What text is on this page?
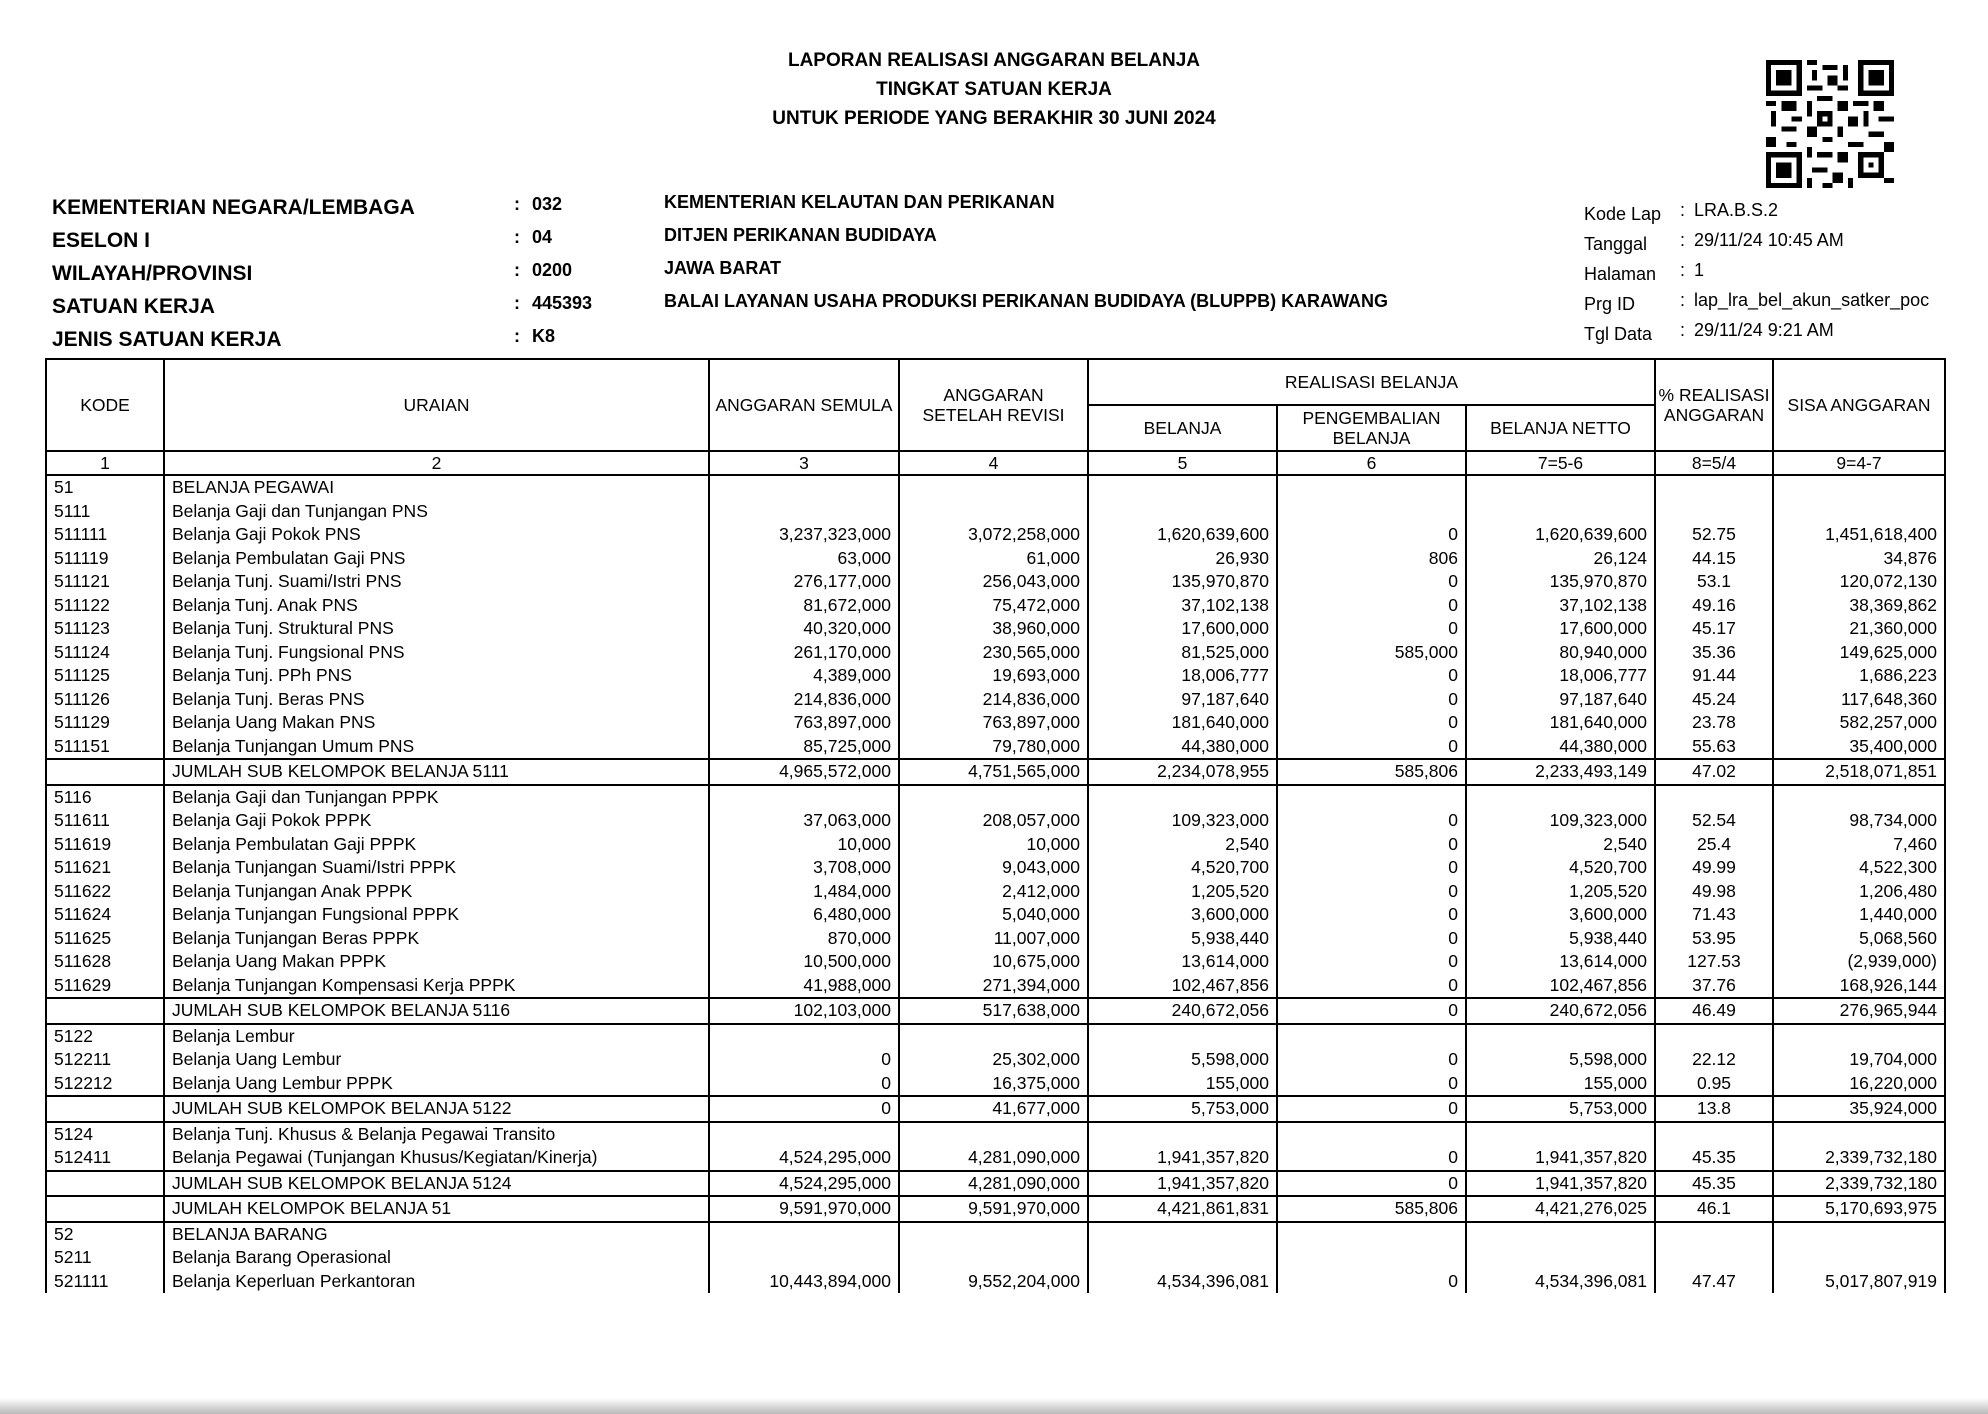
LAPORAN REALISASI ANGGARAN BELANJA
TINGKAT SATUAN KERJA
UNTUK PERIODE YANG BERAKHIR 30 JUNI 2024
KEMENTERIAN NEGARA/LEMBAGA	: 032	KEMENTERIAN KELAUTAN DAN PERIKANAN
ESELON I	: 04	DITJEN PERIKANAN BUDIDAYA
WILAYAH/PROVINSI	: 0200	JAWA BARAT
SATUAN KERJA	: 445393	BALAI LAYANAN USAHA PRODUKSI PERIKANAN BUDIDAYA (BLUPPB) KARAWANG
JENIS SATUAN KERJA	: K8
Kode Lap : LRA.B.S.2
Tanggal : 29/11/24 10:45 AM
Halaman : 1
Prg ID : lap_lra_bel_akun_satker_poc
Tgl Data : 29/11/24 9:21 AM
KODE	URAIAN	ANGGARAN SEMULA	ANGGARAN SETELAH REVISI	REALISASI BELANJA			% REALISASI ANGGARAN	SISA ANGGARAN
				BELANJA	PENGEMBALIAN BELANJA	BELANJA NETTO		
1	2	3	4	5	6	7=5-6	8=5/4	9=4-7
51	BELANJA PEGAWAI							
5111	Belanja Gaji dan Tunjangan PNS							
511111	Belanja Gaji Pokok PNS	3,237,323,000	3,072,258,000	1,620,639,600	0	1,620,639,600	52.75	1,451,618,400
511119	Belanja Pembulatan Gaji PNS	63,000	61,000	26,930	806	26,124	44.15	34,876
511121	Belanja Tunj. Suami/Istri PNS	276,177,000	256,043,000	135,970,870	0	135,970,870	53.1	120,072,130
511122	Belanja Tunj. Anak PNS	81,672,000	75,472,000	37,102,138	0	37,102,138	49.16	38,369,862
511123	Belanja Tunj. Struktural PNS	40,320,000	38,960,000	17,600,000	0	17,600,000	45.17	21,360,000
511124	Belanja Tunj. Fungsional PNS	261,170,000	230,565,000	81,525,000	585,000	80,940,000	35.36	149,625,000
511125	Belanja Tunj. PPh PNS	4,389,000	19,693,000	18,006,777	0	18,006,777	91.44	1,686,223
511126	Belanja Tunj. Beras PNS	214,836,000	214,836,000	97,187,640	0	97,187,640	45.24	117,648,360
511129	Belanja Uang Makan PNS	763,897,000	763,897,000	181,640,000	0	181,640,000	23.78	582,257,000
511151	Belanja Tunjangan Umum PNS	85,725,000	79,780,000	44,380,000	0	44,380,000	55.63	35,400,000
	JUMLAH SUB KELOMPOK BELANJA 5111	4,965,572,000	4,751,565,000	2,234,078,955	585,806	2,233,493,149	47.02	2,518,071,851
5116	Belanja Gaji dan Tunjangan PPPK							
511611	Belanja Gaji Pokok PPPK	37,063,000	208,057,000	109,323,000	0	109,323,000	52.54	98,734,000
511619	Belanja Pembulatan Gaji PPPK	10,000	10,000	2,540	0	2,540	25.4	7,460
511621	Belanja Tunjangan Suami/Istri PPPK	3,708,000	9,043,000	4,520,700	0	4,520,700	49.99	4,522,300
511622	Belanja Tunjangan Anak PPPK	1,484,000	2,412,000	1,205,520	0	1,205,520	49.98	1,206,480
511624	Belanja Tunjangan Fungsional PPPK	6,480,000	5,040,000	3,600,000	0	3,600,000	71.43	1,440,000
511625	Belanja Tunjangan Beras PPPK	870,000	11,007,000	5,938,440	0	5,938,440	53.95	5,068,560
511628	Belanja Uang Makan PPPK	10,500,000	10,675,000	13,614,000	0	13,614,000	127.53	(2,939,000)
511629	Belanja Tunjangan Kompensasi Kerja PPPK	41,988,000	271,394,000	102,467,856	0	102,467,856	37.76	168,926,144
	JUMLAH SUB KELOMPOK BELANJA 5116	102,103,000	517,638,000	240,672,056	0	240,672,056	46.49	276,965,944
5122	Belanja Lembur							
512211	Belanja Uang Lembur	0	25,302,000	5,598,000	0	5,598,000	22.12	19,704,000
512212	Belanja Uang Lembur PPPK	0	16,375,000	155,000	0	155,000	0.95	16,220,000
	JUMLAH SUB KELOMPOK BELANJA 5122	0	41,677,000	5,753,000	0	5,753,000	13.8	35,924,000
5124	Belanja Tunj. Khusus & Belanja Pegawai Transito							
512411	Belanja Pegawai (Tunjangan Khusus/Kegiatan/Kinerja)	4,524,295,000	4,281,090,000	1,941,357,820	0	1,941,357,820	45.35	2,339,732,180
	JUMLAH SUB KELOMPOK BELANJA 5124	4,524,295,000	4,281,090,000	1,941,357,820	0	1,941,357,820	45.35	2,339,732,180
	JUMLAH KELOMPOK BELANJA 51	9,591,970,000	9,591,970,000	4,421,861,831	585,806	4,421,276,025	46.1	5,170,693,975
52	BELANJA BARANG							
5211	Belanja Barang Operasional							
521111	Belanja Keperluan Perkantoran	10,443,894,000	9,552,204,000	4,534,396,081	0	4,534,396,081	47.47	5,017,807,919
